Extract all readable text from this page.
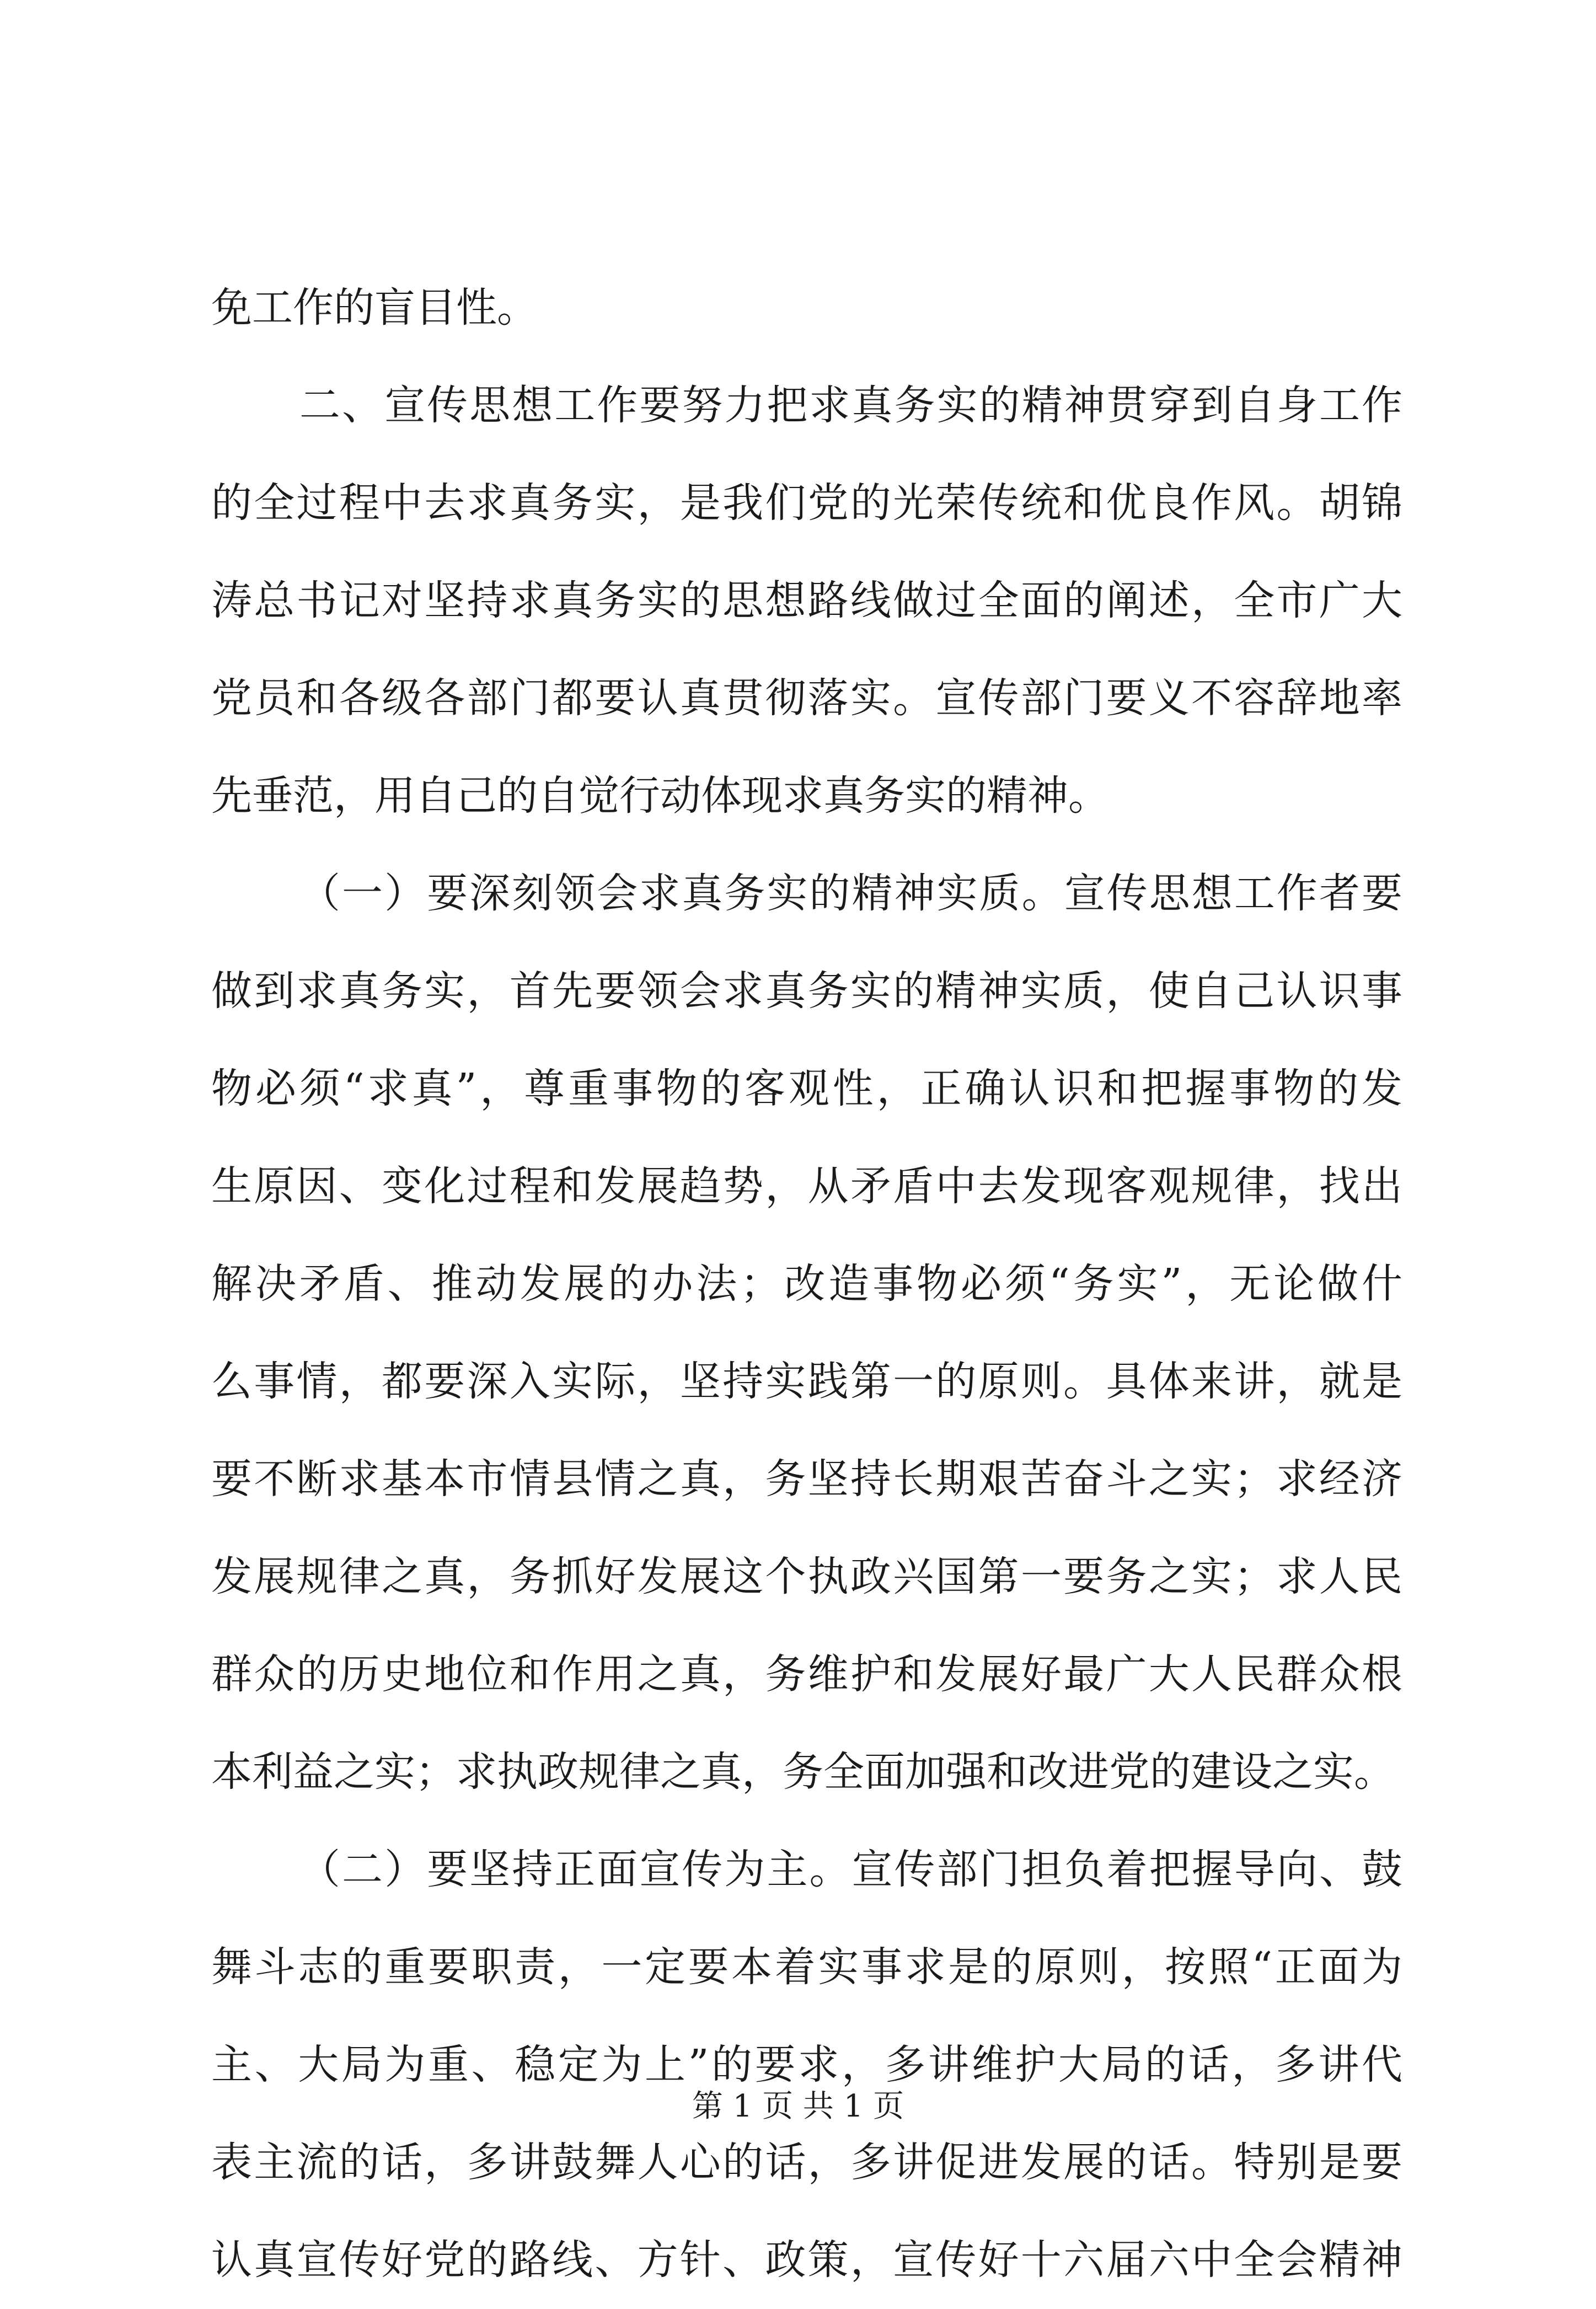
免工作的盲目性。
二、宣传思想工作要努力把求真务实的精神贯穿到自身工作
的全过程中去求真务实，是我们党的光荣传统和优良作风。胡锦
涛总书记对坚持求真务实的思想路线做过全面的阐述，全市广大
党员和各级各部门都要认真贯彻落实。宣传部门要义不容辞地率
先垂范，用自己的自觉行动体现求真务实的精神。
（一）要深刻领会求真务实的精神实质。宣传思想工作者要
做到求真务实，首先要领会求真务实的精神实质，使自己认识事
物必须“求真”，尊重事物的客观性，正确认识和把握事物的发
生原因、变化过程和发展趋势，从矛盾中去发现客观规律，找出
解决矛盾、推动发展的办法；改造事物必须“务实”，无论做什
么事情，都要深入实际，坚持实践第一的原则。具体来讲，就是
要不断求基本市情县情之真，务坚持长期艰苦奋斗之实；求经济
发展规律之真，务抓好发展这个执政兴国第一要务之实；求人民
群众的历史地位和作用之真，务维护和发展好最广大人民群众根
本利益之实；求执政规律之真，务全面加强和改进党的建设之实。
（二）要坚持正面宣传为主。宣传部门担负着把握导向、鼓
舞斗志的重要职责，一定要本着实事求是的原则，按照“正面为
主、大局为重、稳定为上”的要求，多讲维护大局的话，多讲代
表主流的话，多讲鼓舞人心的话，多讲促进发展的话。特别是要
认真宣传好党的路线、方针、政策，宣传好十六届六中全会精神
第 1 页 共 1 页
